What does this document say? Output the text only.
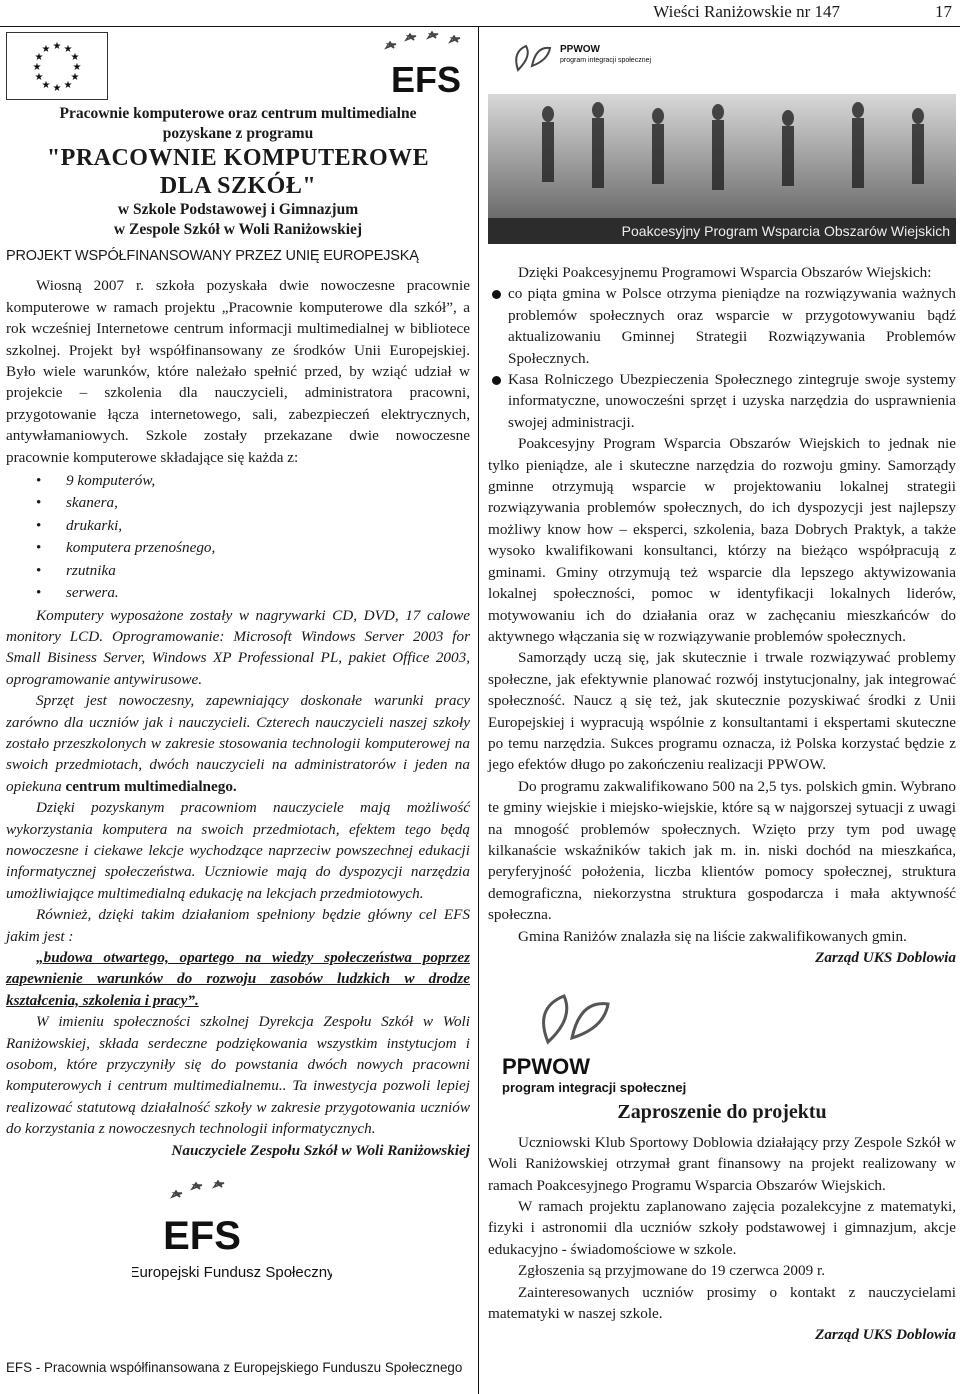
Wieści Raniżowskie nr 147	17
★ ★
★
★
★
★
★
★
★
★
★
★
EFS
Pracownie komputerowe oraz centrum multimedialne
pozyskane z programu
"PRACOWNIE KOMPUTEROWE
DLA SZKÓŁ"
w Szkole Podstawowej i Gimnazjum
w Zespole Szkół w Woli Raniżowskiej
PROJEKT WSPÓŁFINANSOWANY PRZEZ UNIĘ EUROPEJSKĄ

Wiosną 2007 r. szkoła pozyskała dwie nowoczesne pracownie komputerowe w ramach projektu „Pracownie komputerowe dla szkół”, a rok wcześniej Internetowe centrum informacji multimedialnej w bibliotece szkolnej. Projekt był współfinansowany ze środków Unii Europejskiej. Było wiele warunków, które należało spełnić przed, by wziąć udział w projekcie – szkolenia dla nauczycieli, administratora pracowni, przygotowanie łącza internetowego, sali, zabezpieczeń elektrycznych, antywłamaniowych. Szkole zostały przekazane dwie nowoczesne pracownie komputerowe składające się każda z:

• 9 komputerów,
• skanera,
• drukarki,
• komputera przenośnego,
• rzutnika
• serwera.

Komputery wyposażone zostały w nagrywarki CD, DVD, 17 calowe monitory LCD. Oprogramowanie: Microsoft Windows Server 2003 for Small Bisiness Server, Windows XP Professional PL, pakiet Office 2003, oprogramowanie antywirusowe.

Sprzęt jest nowoczesny, zapewniający doskonałe warunki pracy zarówno dla uczniów jak i nauczycieli. Czterech nauczycieli naszej szkoły zostało przeszkolonych w zakresie stosowania technologii komputerowej na swoich przedmiotach, dwóch nauczycieli na administratorów i jeden na opiekuna centrum multimedialnego.

Dzięki pozyskanym pracowniom nauczyciele mają możliwość wykorzystania komputera na swoich przedmiotach, efektem tego będą nowoczesne i ciekawe lekcje wychodzące naprzeciw powszechnej edukacji informatycznej społeczeństwa. Uczniowie mają do dyspozycji narzędzia umożliwiające multimedialną edukację na lekcjach przedmiotowych.

Również, dzięki takim działaniom spełniony będzie główny cel EFS jakim jest :

„budowa otwartego, opartego na wiedzy społeczeństwa poprzez zapewnienie warunków do rozwoju zasobów ludzkich w drodze kształcenia, szkolenia i pracy”.

W imieniu społeczności szkolnej Dyrekcja Zespołu Szkół w Woli Raniżowskiej, składa serdeczne podziękowania wszystkim instytucjom i osobom, które przyczyniły się do powstania dwóch nowych pracowni komputerowych i centrum multimedialnemu.. Ta inwestycja pozwoli lepiej realizować statutową działalność szkoły w zakresie przygotowania uczniów do korzystania z nowoczesnych technologii informatycznych.

Nauczyciele Zespołu Szkół w Woli Raniżowskiej

EFS
Europejski Fundusz Społeczny
EFS - Pracownia współfinansowana z Europejskiego Funduszu Społecznego
PPWOW
program integracji społecznej
Poakcesyjny Program Wsparcia Obszarów Wiejskich

Dzięki Poakcesyjnemu Programowi Wsparcia Obszarów Wiejskich:

co piąta gmina w Polsce otrzyma pieniądze na rozwiązywania ważnych problemów społecznych oraz wsparcie w przygotowywaniu bądź aktualizowaniu Gminnej Strategii Rozwiązywania Problemów Społecznych.
Kasa Rolniczego Ubezpieczenia Społecznego zintegruje swoje systemy informatyczne, unowocześni sprzęt i uzyska narzędzia do usprawnienia swojej administracji.

Poakcesyjny Program Wsparcia Obszarów Wiejskich to jednak nie tylko pieniądze, ale i skuteczne narzędzia do rozwoju gminy. Samorządy gminne otrzymują wsparcie w projektowaniu lokalnej strategii rozwiązywania problemów społecznych, do ich dyspozycji jest najlepszy możliwy know how – eksperci, szkolenia, baza Dobrych Praktyk, a także wysoko kwalifikowani konsultanci, którzy na bieżąco współpracują z gminami. Gminy otrzymują też wsparcie dla lepszego aktywizowania lokalnej społeczności, pomoc w identyfikacji lokalnych liderów, motywowaniu ich do działania oraz w zachęcaniu mieszkańców do aktywnego włączania się w rozwiązywanie problemów społecznych.

Samorządy uczą się, jak skutecznie i trwale rozwiązywać problemy społeczne, jak efektywnie planować rozwój instytucjonalny, jak integrować społeczność. Naucz ą się też, jak skutecznie pozyskiwać środki z Unii Europejskiej i wypracują wspólnie z konsultantami i ekspertami skuteczne po temu narzędzia. Sukces programu oznacza, iż Polska korzystać będzie z jego efektów długo po zakończeniu realizacji PPWOW.

Do programu zakwalifikowano 500 na 2,5 tys. polskich gmin. Wybrano te gminy wiejskie i miejsko-wiejskie, które są w najgorszej sytuacji z uwagi na mnogość problemów społecznych. Wzięto przy tym pod uwagę kilkanaście wskaźników takich jak m. in. niski dochód na mieszkańca, peryferyjność położenia, liczba klientów pomocy społecznej, struktura demograficzna, niekorzystna struktura gospodarcza i mała aktywność społeczna.

Gmina Raniżów znalazła się na liście zakwalifikowanych gmin.

Zarząd UKS Doblowia

PPWOW
program integracji społecznej
Zaproszenie do projektu

Uczniowski Klub Sportowy Doblowia działający przy Zespole Szkół w Woli Raniżowskiej otrzymał grant finansowy na projekt realizowany w ramach Poakcesyjnego Programu Wsparcia Obszarów Wiejskich.

W ramach projektu zaplanowano zajęcia pozalekcyjne z matematyki, fizyki i astronomii dla uczniów szkoły podstawowej i gimnazjum, akcje edukacyjno - świadomościowe w szkole.

Zgłoszenia są przyjmowane do 19 czerwca 2009 r.

Zainteresowanych uczniów prosimy o kontakt z nauczycielami matematyki w naszej szkole.

Zarząd UKS Doblowia
